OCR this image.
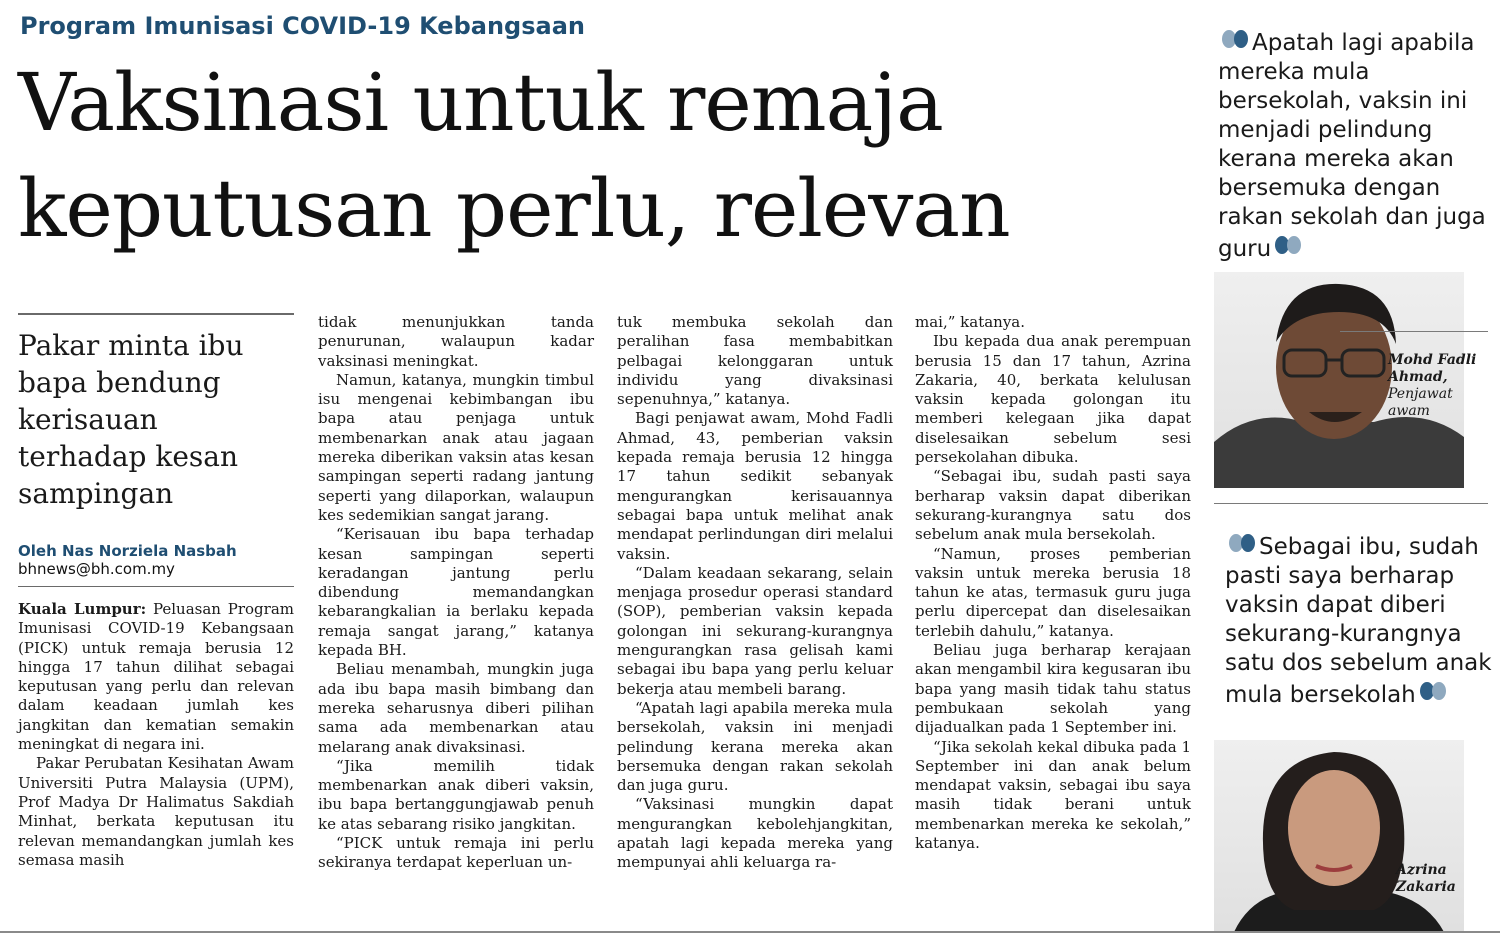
Program Imunisasi COVID-19 Kebangsaan
Vaksinasi untuk remaja
keputusan perlu, relevan

Pakar minta ibu bapa bendung kerisauan terhadap kesan sampingan

Oleh Nas Norziela Nasbah

bhnews@bh.com.my

Kuala Lumpur: Peluasan Program Imunisasi COVID-19 Kebangsaan (PICK) untuk remaja berusia 12 hingga 17 tahun dilihat sebagai keputusan yang perlu dan relevan dalam keadaan jumlah kes jangkitan dan kematian semakin meningkat di negara ini.

Pakar Perubatan Kesihatan Awam Universiti Putra Malaysia (UPM), Prof Madya Dr Halimatus Sakdiah Minhat, berkata keputusan itu relevan memandangkan jumlah kes semasa masih

tidak menunjukkan tanda penurunan, walaupun kadar vaksinasi meningkat.

Namun, katanya, mungkin timbul isu mengenai kebimbangan ibu bapa atau penjaga untuk membenarkan anak atau jagaan mereka diberikan vaksin atas kesan sampingan seperti radang jantung seperti yang dilaporkan, walaupun kes sedemikian sangat jarang.

“Kerisauan ibu bapa terhadap kesan sampingan seperti keradangan jantung perlu dibendung memandangkan kebarangkalian ia berlaku kepada remaja sangat jarang,” katanya kepada BH.

Beliau menambah, mungkin juga ada ibu bapa masih bimbang dan mereka seharusnya diberi pilihan sama ada membenarkan atau melarang anak divaksinasi.

“Jika memilih tidak membenarkan anak diberi vaksin, ibu bapa bertanggungjawab penuh ke atas sebarang risiko jangkitan.

“PICK untuk remaja ini perlu sekiranya terdapat keperluan un-

tuk membuka sekolah dan peralihan fasa membabitkan pelbagai kelonggaran untuk individu yang divaksinasi sepenuhnya,” katanya.

Bagi penjawat awam, Mohd Fadli Ahmad, 43, pemberian vaksin kepada remaja berusia 12 hingga 17 tahun sedikit sebanyak mengurangkan kerisauannya sebagai bapa untuk melihat anak mendapat perlindungan diri melalui vaksin.

“Dalam keadaan sekarang, selain menjaga prosedur operasi standard (SOP), pemberian vaksin kepada golongan ini sekurang-kurangnya mengurangkan rasa gelisah kami sebagai ibu bapa yang perlu keluar bekerja atau membeli barang.

“Apatah lagi apabila mereka mula bersekolah, vaksin ini menjadi pelindung kerana mereka akan bersemuka dengan rakan sekolah dan juga guru.

“Vaksinasi mungkin dapat mengurangkan kebolehjangkitan, apatah lagi kepada mereka yang mempunyai ahli keluarga ra-

mai,” katanya.

Ibu kepada dua anak perempuan berusia 15 dan 17 tahun, Azrina Zakaria, 40, berkata kelulusan vaksin kepada golongan itu memberi kelegaan jika dapat diselesaikan sebelum sesi persekolahan dibuka.

“Sebagai ibu, sudah pasti saya berharap vaksin dapat diberikan sekurang-kurangnya satu dos sebelum anak mula bersekolah.

“Namun, proses pemberian vaksin untuk mereka berusia 18 tahun ke atas, termasuk guru juga perlu dipercepat dan diselesaikan terlebih dahulu,” katanya.

Beliau juga berharap kerajaan akan mengambil kira kegusaran ibu bapa yang masih tidak tahu status pembukaan sekolah yang dijadualkan pada 1 September ini.

“Jika sekolah kekal dibuka pada 1 September ini dan anak belum mendapat vaksin, sebagai ibu saya masih tidak berani untuk membenarkan mereka ke sekolah,” katanya.

Apatah lagi apabila mereka mula bersekolah, vaksin ini menjadi pelindung kerana mereka akan bersemuka dengan rakan sekolah dan juga guru
Mohd Fadli Ahmad,
Penjawat awam
Sebagai ibu, sudah pasti saya berharap vaksin dapat diberi sekurang-kurangnya satu dos sebelum anak mula bersekolah
Azrina Zakaria
